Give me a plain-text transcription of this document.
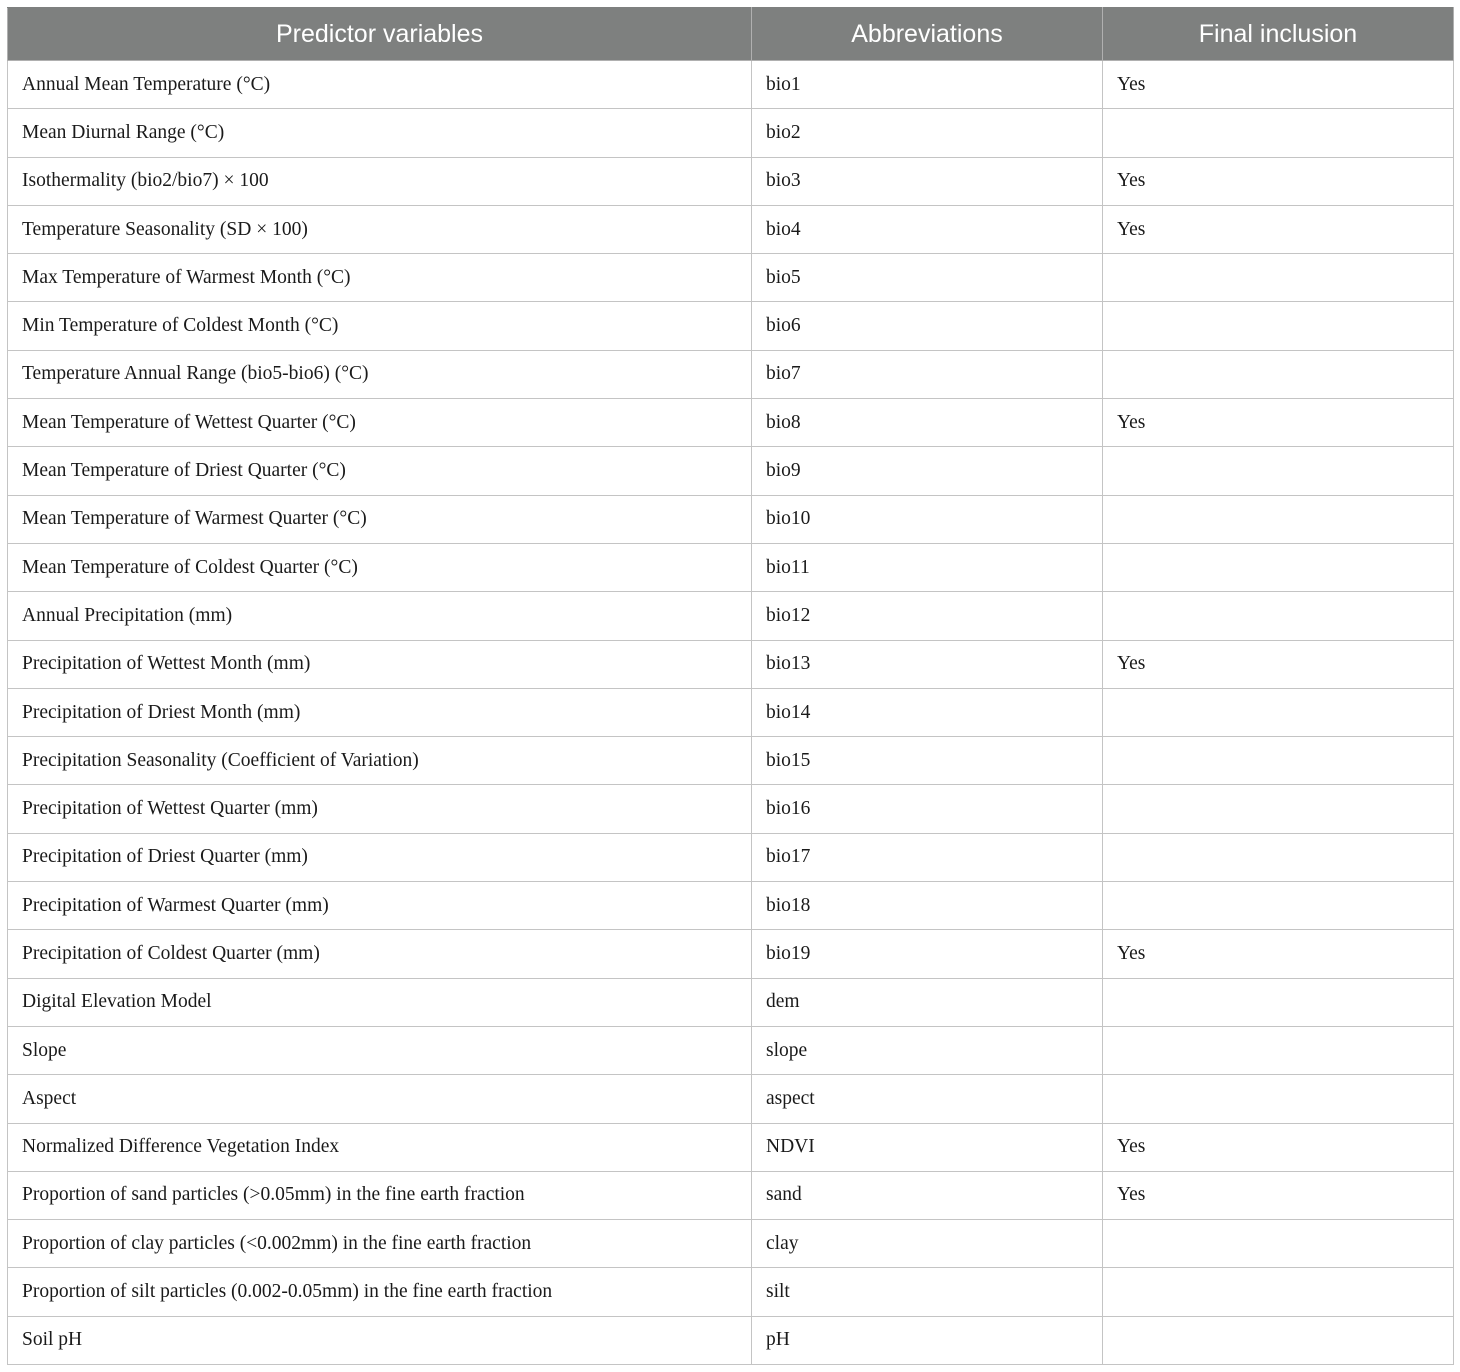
Predictor variables	Abbreviations	Final inclusion
Annual Mean Temperature (°C)	bio1	Yes
Mean Diurnal Range (°C)	bio2	
Isothermality (bio2/bio7) × 100	bio3	Yes
Temperature Seasonality (SD × 100)	bio4	Yes
Max Temperature of Warmest Month (°C)	bio5	
Min Temperature of Coldest Month (°C)	bio6	
Temperature Annual Range (bio5-bio6) (°C)	bio7	
Mean Temperature of Wettest Quarter (°C)	bio8	Yes
Mean Temperature of Driest Quarter (°C)	bio9	
Mean Temperature of Warmest Quarter (°C)	bio10	
Mean Temperature of Coldest Quarter (°C)	bio11	
Annual Precipitation (mm)	bio12	
Precipitation of Wettest Month (mm)	bio13	Yes
Precipitation of Driest Month (mm)	bio14	
Precipitation Seasonality (Coefficient of Variation)	bio15	
Precipitation of Wettest Quarter (mm)	bio16	
Precipitation of Driest Quarter (mm)	bio17	
Precipitation of Warmest Quarter (mm)	bio18	
Precipitation of Coldest Quarter (mm)	bio19	Yes
Digital Elevation Model	dem	
Slope	slope	
Aspect	aspect	
Normalized Difference Vegetation Index	NDVI	Yes
Proportion of sand particles (>0.05mm) in the fine earth fraction	sand	Yes
Proportion of clay particles (<0.002mm) in the fine earth fraction	clay	
Proportion of silt particles (0.002-0.05mm) in the fine earth fraction	silt	
Soil pH	pH	
